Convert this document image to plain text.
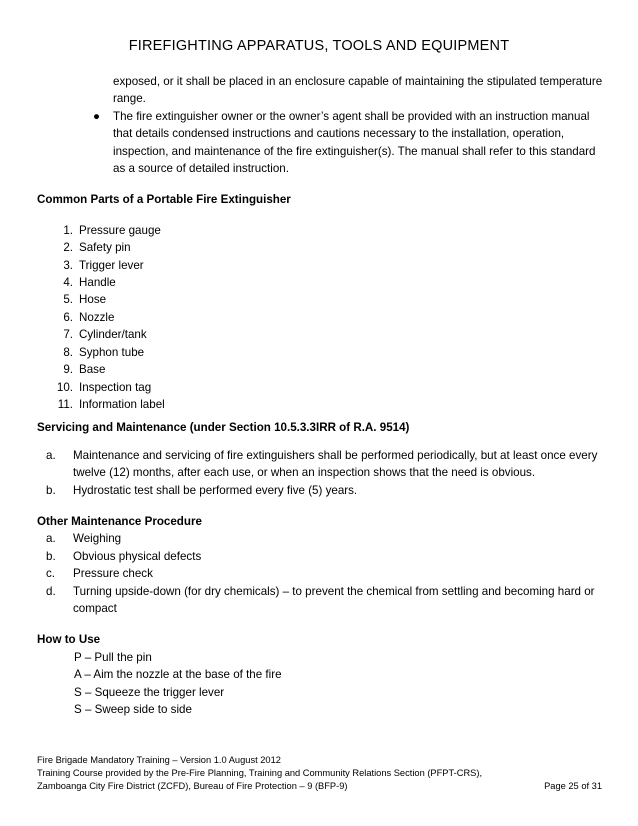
FIREFIGHTING APPARATUS, TOOLS AND EQUIPMENT
exposed, or it shall be placed in an enclosure capable of maintaining the stipulated temperature range.
●	The fire extinguisher owner or the owner’s agent shall be provided with an instruction manual that details condensed instructions and cautions necessary to the installation, operation, inspection, and maintenance of the fire extinguisher(s). The manual shall refer to this standard as a source of detailed instruction.
Common Parts of a Portable Fire Extinguisher
1. Pressure gauge
2. Safety pin
3. Trigger lever
4. Handle
5. Hose
6. Nozzle
7. Cylinder/tank
8. Syphon tube
9. Base
10. Inspection tag
11. Information label
Servicing and Maintenance (under Section 10.5.3.3IRR of R.A. 9514)
a.	Maintenance and servicing of fire extinguishers shall be performed periodically, but at least once every twelve (12) months, after each use, or when an inspection shows that the need is obvious.
b.	Hydrostatic test shall be performed every five (5) years.
Other Maintenance Procedure
a.	Weighing
b.	Obvious physical defects
c.	Pressure check
d.	Turning upside-down (for dry chemicals) – to prevent the chemical from settling and becoming hard or compact
How to Use
P – Pull the pin
A – Aim the nozzle at the base of the fire
S – Squeeze the trigger lever
S – Sweep side to side
Fire Brigade Mandatory Training – Version 1.0 August 2012
Training Course provided by the Pre-Fire Planning, Training and Community Relations Section (PFPT-CRS),
Zamboanga City Fire District (ZCFD), Bureau of Fire Protection – 9 (BFP-9)	Page 25 of 31
